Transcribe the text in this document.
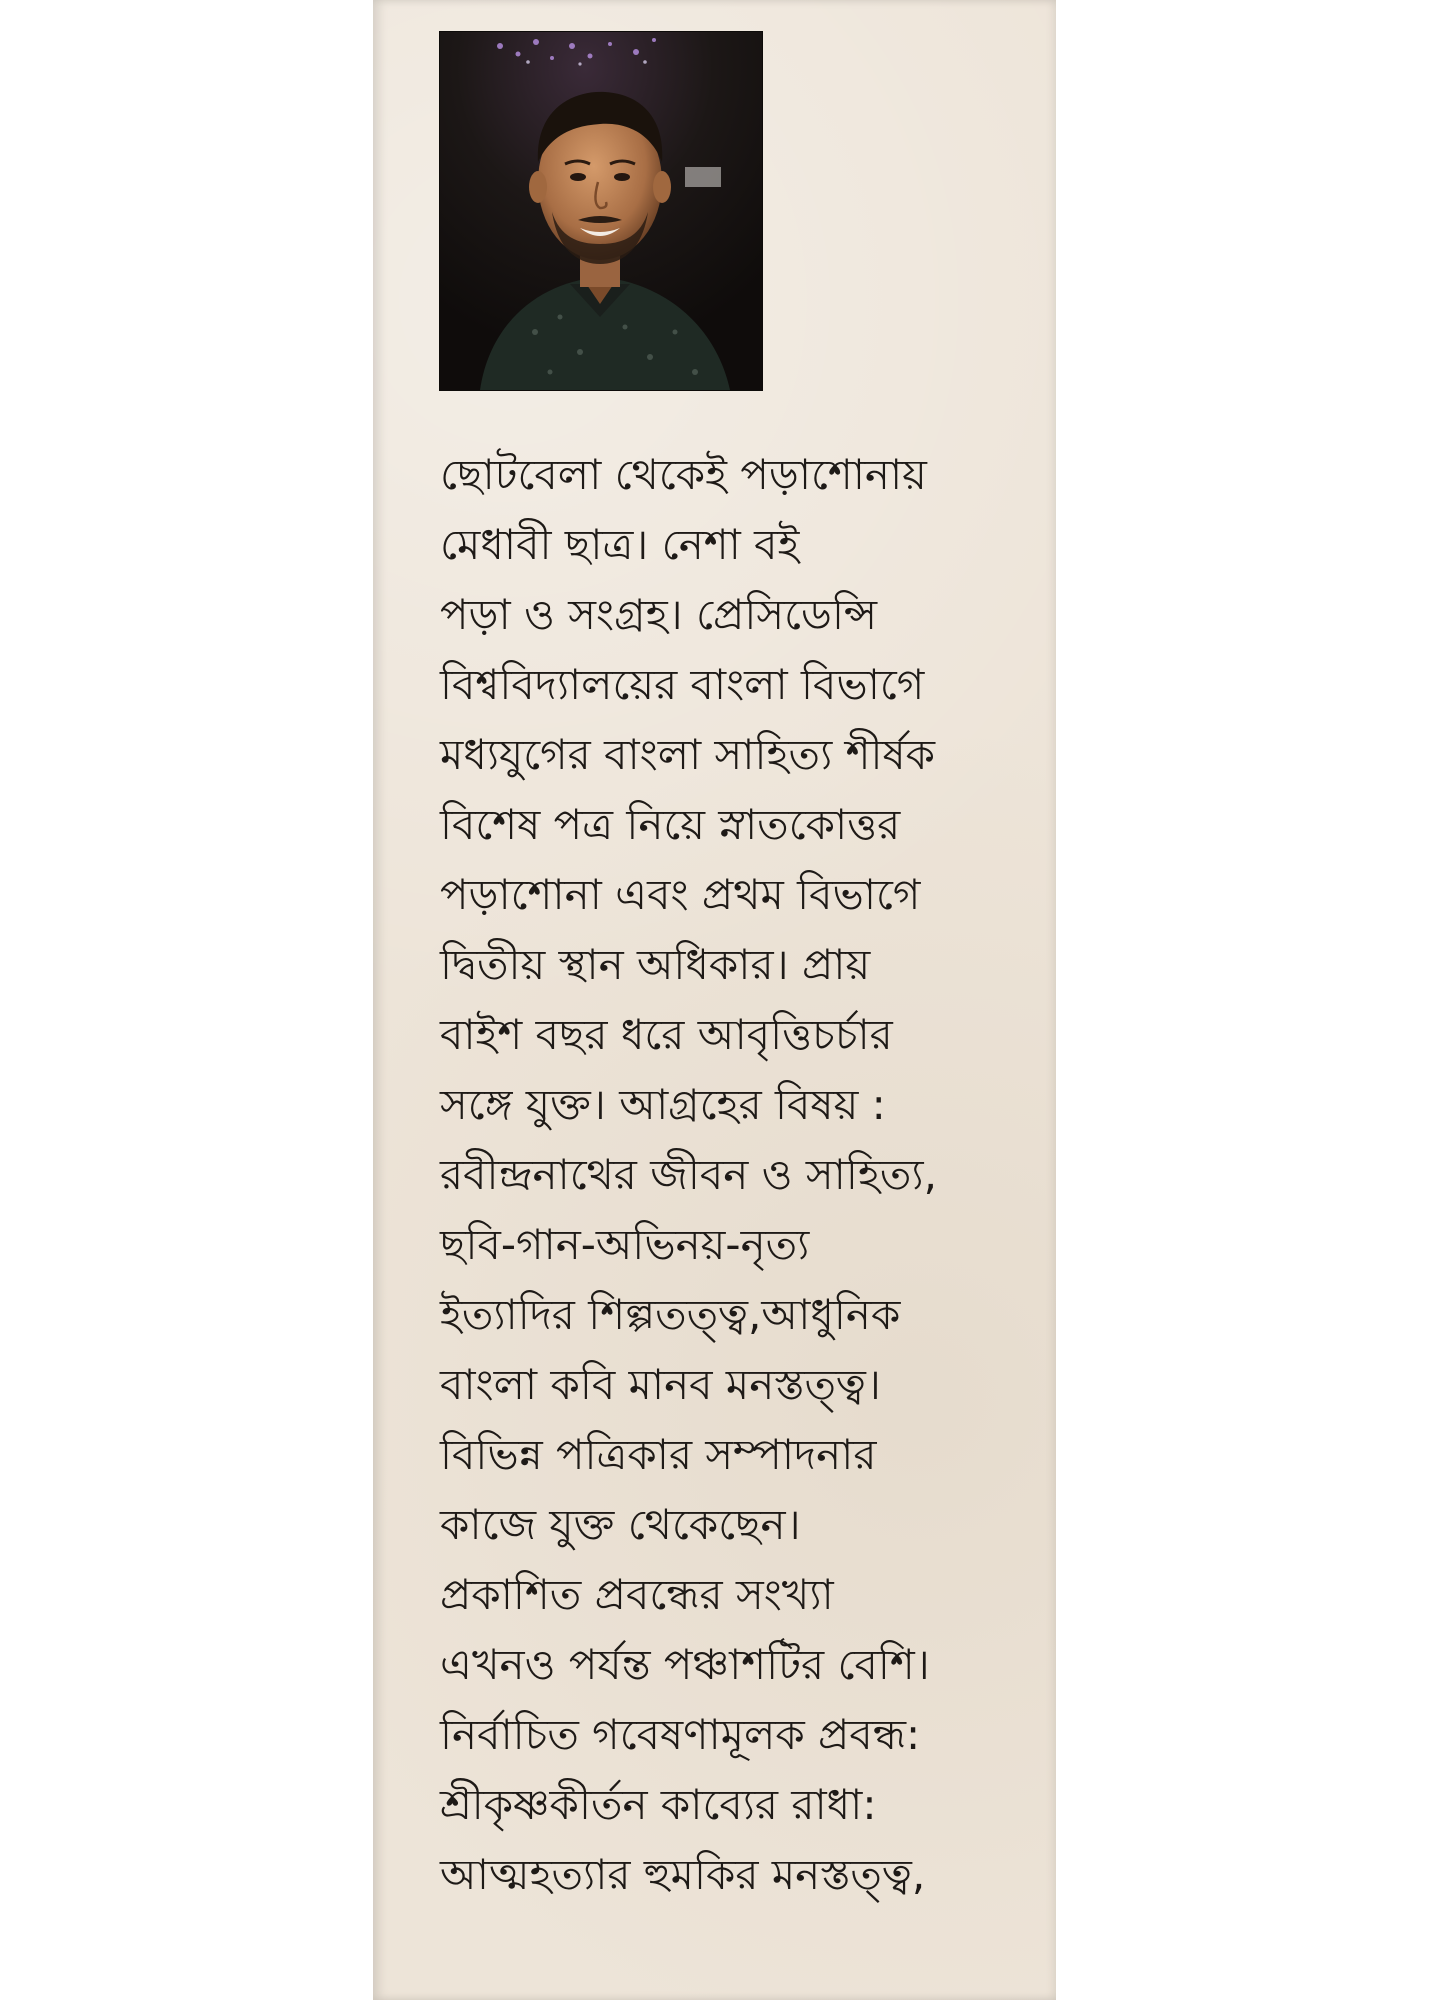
ছোটবেলা থেকেই পড়াশোনায়
মেধাবী ছাত্র। নেশা বই
পড়া ও সংগ্রহ। প্রেসিডেন্সি
বিশ্ববিদ্যালয়ের বাংলা বিভাগে
মধ্যযুগের বাংলা সাহিত্য শীর্ষক
বিশেষ পত্র নিয়ে স্নাতকোত্তর
পড়াশোনা এবং প্রথম বিভাগে
দ্বিতীয় স্থান অধিকার। প্রায়
বাইশ বছর ধরে আবৃত্তিচর্চার
সঙ্গে যুক্ত। আগ্রহের বিষয় :
রবীন্দ্রনাথের জীবন ও সাহিত্য,
ছবি-গান-অভিনয়-নৃত্য
ইত্যাদির শিল্পতত্ত্ব,আধুনিক
বাংলা কবি মানব মনস্তত্ত্ব।
বিভিন্ন পত্রিকার সম্পাদনার
কাজে যুক্ত থেকেছেন।
প্রকাশিত প্রবন্ধের সংখ্যা
এখনও পর্যন্ত পঞ্চাশটির বেশি।
নির্বাচিত গবেষণামূলক প্রবন্ধ:
শ্রীকৃষ্ণকীর্তন কাব্যের রাধা:
আত্মহত্যার হুমকির মনস্তত্ত্ব,
